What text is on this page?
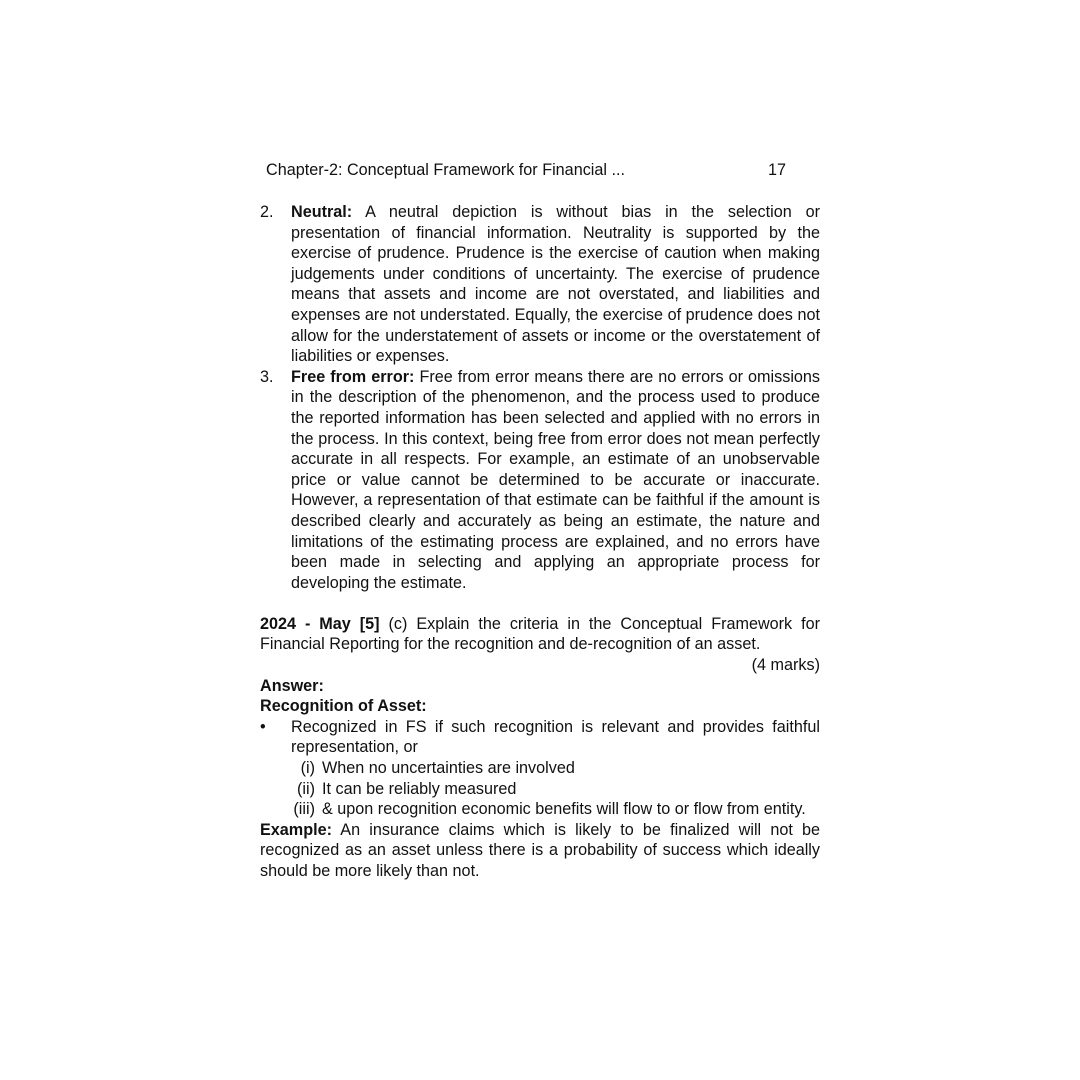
Chapter-2: Conceptual Framework for Financial ...	17
2. Neutral: A neutral depiction is without bias in the selection or presentation of financial information. Neutrality is supported by the exercise of prudence. Prudence is the exercise of caution when making judgements under conditions of uncertainty. The exercise of prudence means that assets and income are not overstated, and liabilities and expenses are not understated. Equally, the exercise of prudence does not allow for the understatement of assets or income or the overstatement of liabilities or expenses.
3. Free from error: Free from error means there are no errors or omissions in the description of the phenomenon, and the process used to produce the reported information has been selected and applied with no errors in the process. In this context, being free from error does not mean perfectly accurate in all respects. For example, an estimate of an unobservable price or value cannot be determined to be accurate or inaccurate. However, a representation of that estimate can be faithful if the amount is described clearly and accurately as being an estimate, the nature and limitations of the estimating process are explained, and no errors have been made in selecting and applying an appropriate process for developing the estimate.
2024 - May [5] (c) Explain the criteria in the Conceptual Framework for Financial Reporting for the recognition and de-recognition of an asset.
(4 marks)
Answer:
Recognition of Asset:
• Recognized in FS if such recognition is relevant and provides faithful representation, or
(i) When no uncertainties are involved
(ii) It can be reliably measured
(iii) & upon recognition economic benefits will flow to or flow from entity.
Example: An insurance claims which is likely to be finalized will not be recognized as an asset unless there is a probability of success which ideally should be more likely than not.
